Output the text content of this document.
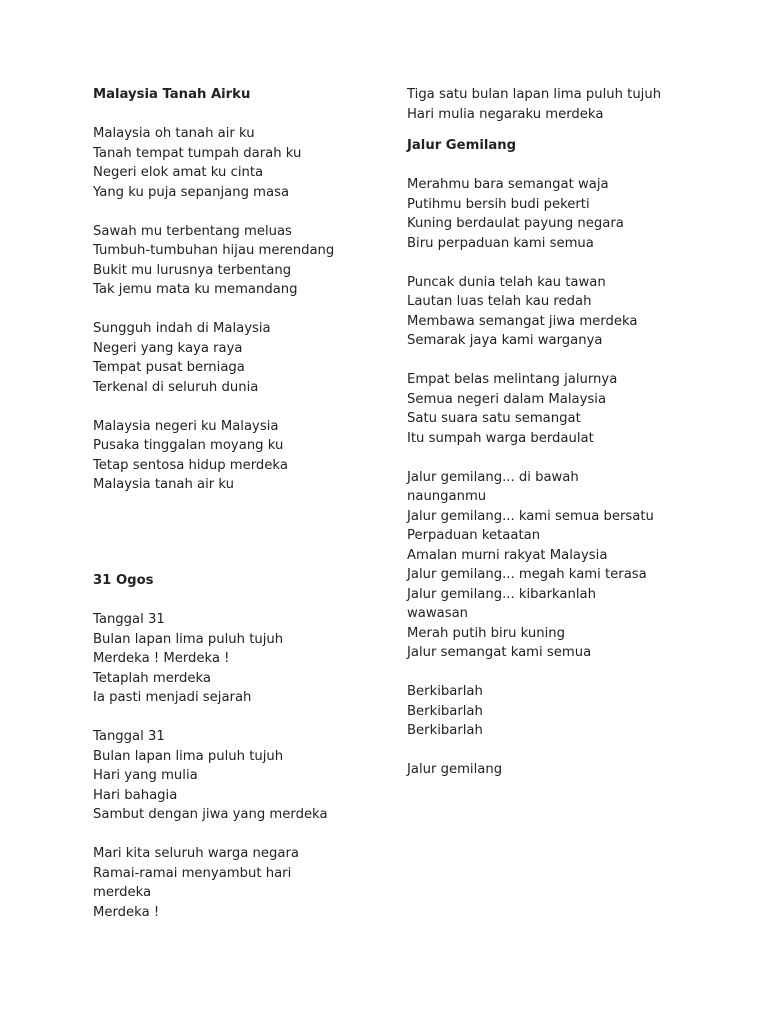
Malaysia Tanah Airku

Malaysia oh tanah air ku
Tanah tempat tumpah darah ku
Negeri elok amat ku cinta
Yang ku puja sepanjang masa
Sawah mu terbentang meluas
Tumbuh-tumbuhan hijau merendang
Bukit mu lurusnya terbentang
Tak jemu mata ku memandang
Sungguh indah di Malaysia
Negeri yang kaya raya
Tempat pusat berniaga
Terkenal di seluruh dunia
Malaysia negeri ku Malaysia
Pusaka tinggalan moyang ku
Tetap sentosa hidup merdeka
Malaysia tanah air ku

31 Ogos

Tanggal 31
Bulan lapan lima puluh tujuh
Merdeka ! Merdeka !
Tetaplah merdeka
Ia pasti menjadi sejarah
Tanggal 31
Bulan lapan lima puluh tujuh
Hari yang mulia
Hari bahagia
Sambut dengan jiwa yang merdeka
Mari kita seluruh warga negara
Ramai-ramai menyambut hari
merdeka
Merdeka !
Tiga satu bulan lapan lima puluh tujuh
Hari mulia negaraku merdeka

Jalur Gemilang

Merahmu bara semangat waja
Putihmu bersih budi pekerti
Kuning berdaulat payung negara
Biru perpaduan kami semua
Puncak dunia telah kau tawan
Lautan luas telah kau redah
Membawa semangat jiwa merdeka
Semarak jaya kami warganya
Empat belas melintang jalurnya
Semua negeri dalam Malaysia
Satu suara satu semangat
Itu sumpah warga berdaulat
Jalur gemilang... di bawah
naunganmu
Jalur gemilang... kami semua bersatu
Perpaduan ketaatan
Amalan murni rakyat Malaysia
Jalur gemilang... megah kami terasa
Jalur gemilang... kibarkanlah
wawasan
Merah putih biru kuning
Jalur semangat kami semua
Berkibarlah
Berkibarlah
Berkibarlah
Jalur gemilang
